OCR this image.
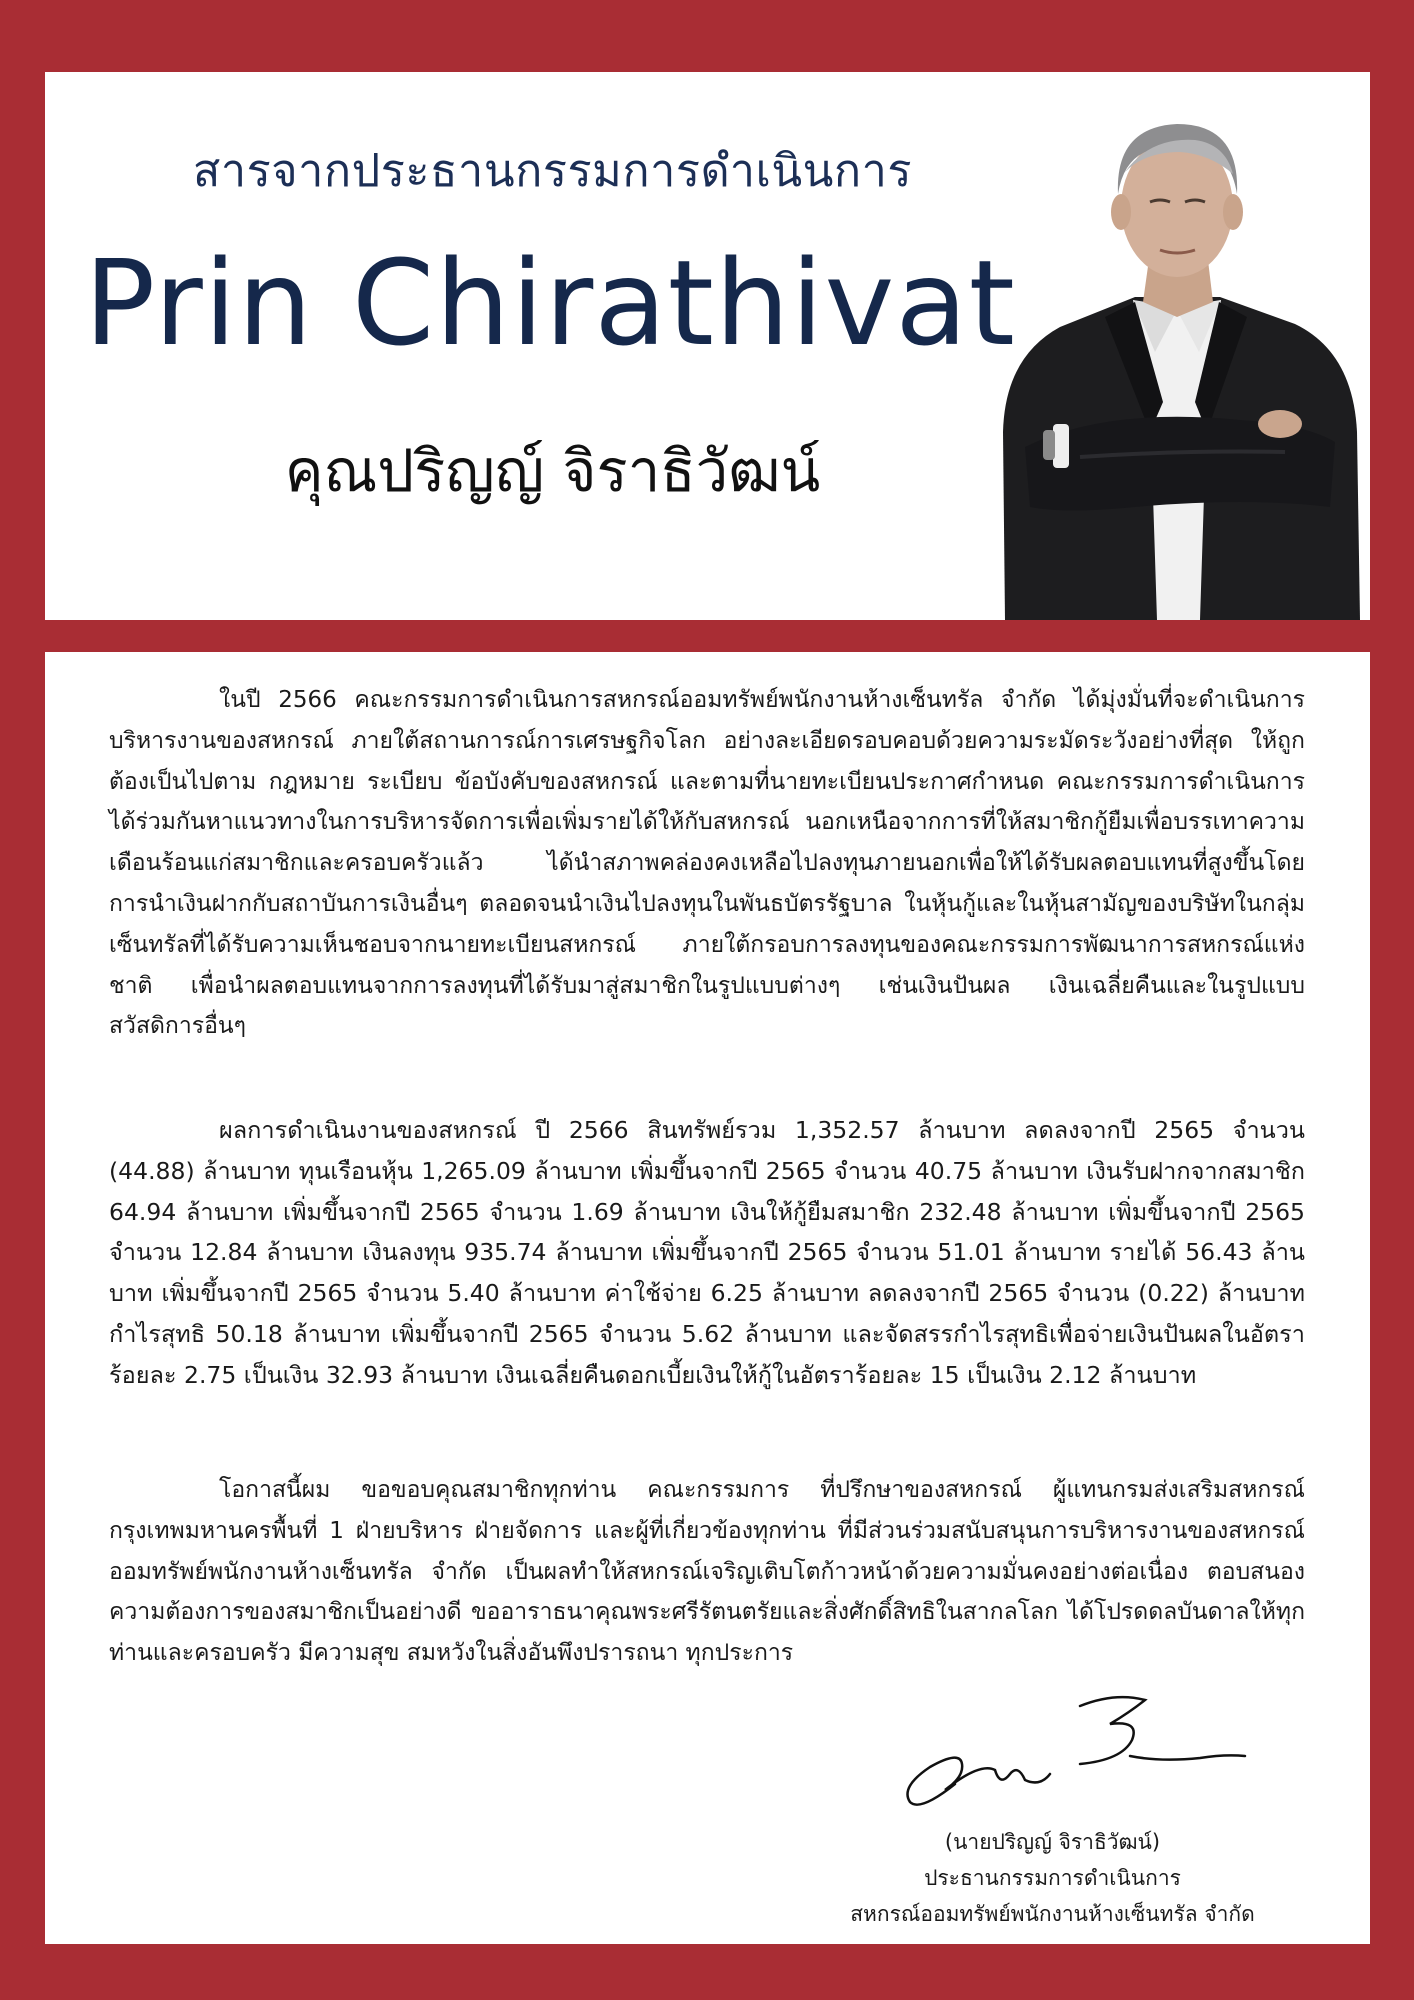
สารจากประธานกรรมการดำเนินการ
Prin Chirathivat
คุณปริญญ์ จิราธิวัฒน์

ในปี 2566 คณะกรรมการดำเนินการสหกรณ์ออมทรัพย์พนักงานห้างเซ็นทรัล จำกัด ได้มุ่งมั่นที่จะดำเนินการบริหารงานของสหกรณ์ ภายใต้สถานการณ์การเศรษฐกิจโลก อย่างละเอียดรอบคอบด้วยความระมัดระวังอย่างที่สุด ให้ถูกต้องเป็นไปตาม กฎหมาย ระเบียบ ข้อบังคับของสหกรณ์ และตามที่นายทะเบียนประกาศกำหนด คณะกรรมการดำเนินการได้ร่วมกันหาแนวทางในการบริหารจัดการเพื่อเพิ่มรายได้ให้กับสหกรณ์ นอกเหนือจากการที่ให้สมาชิกกู้ยืมเพื่อบรรเทาความเดือนร้อนแก่สมาชิกและครอบครัวแล้ว ได้นำสภาพคล่องคงเหลือไปลงทุนภายนอกเพื่อให้ได้รับผลตอบแทนที่สูงขึ้นโดยการนำเงินฝากกับสถาบันการเงินอื่นๆ ตลอดจนนำเงินไปลงทุนในพันธบัตรรัฐบาล ในหุ้นกู้และในหุ้นสามัญของบริษัทในกลุ่มเซ็นทรัลที่ได้รับความเห็นชอบจากนายทะเบียนสหกรณ์ ภายใต้กรอบการลงทุนของคณะกรรมการพัฒนาการสหกรณ์แห่งชาติ เพื่อนำผลตอบแทนจากการลงทุนที่ได้รับมาสู่สมาชิกในรูปแบบต่างๆ เช่นเงินปันผล เงินเฉลี่ยคืนและในรูปแบบสวัสดิการอื่นๆ

ผลการดำเนินงานของสหกรณ์ ปี 2566 สินทรัพย์รวม 1,352.57 ล้านบาท ลดลงจากปี 2565 จำนวน (44.88) ล้านบาท ทุนเรือนหุ้น 1,265.09 ล้านบาท เพิ่มขึ้นจากปี 2565 จำนวน 40.75 ล้านบาท เงินรับฝากจากสมาชิก 64.94 ล้านบาท เพิ่มขึ้นจากปี 2565 จำนวน 1.69 ล้านบาท เงินให้กู้ยืมสมาชิก 232.48 ล้านบาท เพิ่มขึ้นจากปี 2565 จำนวน 12.84 ล้านบาท เงินลงทุน 935.74 ล้านบาท เพิ่มขึ้นจากปี 2565 จำนวน 51.01 ล้านบาท รายได้ 56.43 ล้านบาท เพิ่มขึ้นจากปี 2565 จำนวน 5.40 ล้านบาท ค่าใช้จ่าย 6.25 ล้านบาท ลดลงจากปี 2565 จำนวน (0.22) ล้านบาท กำไรสุทธิ 50.18 ล้านบาท เพิ่มขึ้นจากปี 2565 จำนวน 5.62 ล้านบาท และจัดสรรกำไรสุทธิเพื่อจ่ายเงินปันผลในอัตราร้อยละ 2.75 เป็นเงิน 32.93 ล้านบาท เงินเฉลี่ยคืนดอกเบี้ยเงินให้กู้ในอัตราร้อยละ 15 เป็นเงิน 2.12 ล้านบาท

โอกาสนี้ผม ขอขอบคุณสมาชิกทุกท่าน คณะกรรมการ ที่ปรึกษาของสหกรณ์ ผู้แทนกรมส่งเสริมสหกรณ์กรุงเทพมหานครพื้นที่ 1 ฝ่ายบริหาร ฝ่ายจัดการ และผู้ที่เกี่ยวข้องทุกท่าน ที่มีส่วนร่วมสนับสนุนการบริหารงานของสหกรณ์ออมทรัพย์พนักงานห้างเซ็นทรัล จำกัด เป็นผลทำให้สหกรณ์เจริญเติบโตก้าวหน้าด้วยความมั่นคงอย่างต่อเนื่อง ตอบสนองความต้องการของสมาชิกเป็นอย่างดี ขออาราธนาคุณพระศรีรัตนตรัยและสิ่งศักดิ์สิทธิในสากลโลก ได้โปรดดลบันดาลให้ทุกท่านและครอบครัว มีความสุข สมหวังในสิ่งอันพึงปรารถนา ทุกประการ

(นายปริญญ์ จิราธิวัฒน์)
ประธานกรรมการดำเนินการ
สหกรณ์ออมทรัพย์พนักงานห้างเซ็นทรัล จำกัด
